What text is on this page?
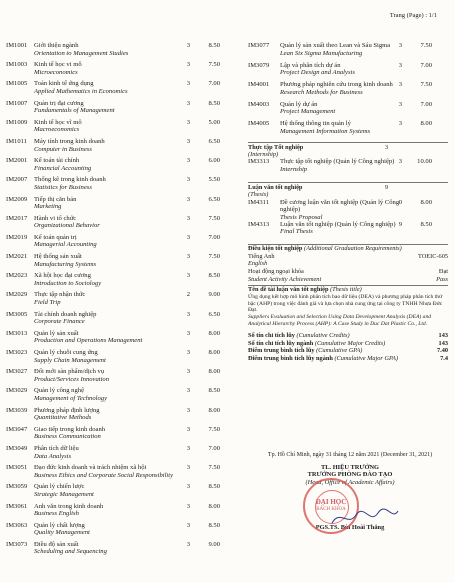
Trang (Page) : 1/1
IM1001 Giới thiệu ngành
Orientation to Management Studies
3	8.50
IM1003 Kinh tế học vi mô
Microeconomics
3	7.50
IM1005 Toán kinh tế ứng dụng
Applied Mathematics in Economics
3	7.00
IM1007 Quản trị đại cương
Fundamentals of Management
3	8.50
IM1009 Kinh tế học vĩ mô
Macroeconomics
3	5.00
IM1011 Máy tính trong kinh doanh
Computer in Business
3	6.50
IM2001 Kế toán tài chính
Financial Accounting
3	6.00
IM2007 Thống kê trong kinh doanh
Statistics for Business
3	5.50
IM2009 Tiếp thị căn bản
Marketing
3	6.50
IM2017 Hành vi tổ chức
Organizational Behavior
3	7.50
IM2019 Kế toán quản trị
Managerial Accounting
3	7.00
IM2021 Hệ thống sản xuất
Manufacturing Systems
3	7.50
IM2023 Xã hội học đại cương
Introduction to Sociology
3	8.50
IM2029 Thực tập nhận thức
Field Trip
2	9.00
IM3005 Tài chính doanh nghiệp
Corporate Finance
3	6.50
IM3013 Quản lý sản xuất
Production and Operations Management
3	8.00
IM3023 Quản lý chuỗi cung ứng
Supply Chain Management
3	8.00
IM3027 Đổi mới sản phẩm/dịch vụ
Product/Services Innovation
3	8.00
IM3029 Quản lý công nghệ
Management of Technology
3	8.50
IM3039 Phương pháp định lượng
Quantitative Methods
3	8.00
IM3047 Giao tiếp trong kinh doanh
Business Communication
3	7.50
IM3049 Phân tích dữ liệu
Data Analysis
3	7.00
IM3051 Đạo đức kinh doanh và trách nhiệm xã hội
Business Ethics and Corporate Social Responsibility
3	7.50
IM3059 Quản lý chiến lược
Strategic Management
3	8.50
IM3061 Anh văn trong kinh doanh
Business English
3	8.00
IM3063 Quản lý chất lượng
Quality Management
3	8.50
IM3073 Điều độ sản xuất
Scheduling and Sequencing
3	9.00
IM3077 Quản lý sản xuất theo Lean và Sáu Sigma
Lean Six Sigma Manufacturing
3	7.50
IM3079 Lập và phân tích dự án
Project Design and Analysis
3	7.00
IM4001 Phương pháp nghiên cứu trong kinh doanh
Research Methods for Business
3	7.50
IM4003 Quản lý dự án
Project Management
3	7.00
IM4005 Hệ thống thông tin quản lý
Management Information Systems
3	8.00
Thực tập Tốt nghiệp
(Internship)
3
IM3313 Thực tập tốt nghiệp (Quản lý Công nghiệp)
Internship
3	10.00
Luận văn tốt nghiệp
(Thesis)
9
IM4311 Đề cương luận văn tốt nghiệp (Quản lý Công nghiệp)
Thesis Proposal
0	8.00
IM4313 Luận văn tốt nghiệp (Quản lý Công nghiệp)
Final Thesis
9	8.50
Điều kiện tốt nghiệp (Additional Graduation Requirements)
Tiếng Anh	TOEIC-605
English
Hoạt động ngoại khóa	Đạt
Student Activity Achievement	Pass
Tên đề tài luận văn tốt nghiệp (Thesis title)
Ứng dụng kết hợp mô hình phân tích bao dữ liệu (DEA) và phương pháp phân tích thứ bậc (AHP) trong việc đánh giá và lựa chọn nhà cung ứng tại công ty TNHH Nhựa Đức Đạt.
Suppliers Evaluation and Selection Using Data Development Analysis (DEA) and Analytical Hierarchy Process (AHP): A Case Study in Duc Dat Plastic Co., Ltd.
Số tín chỉ tích lũy (Cumulative Credits)	143
Số tín chỉ tích lũy ngành (Cumulative Major Credits)	143
Điểm trung bình tích lũy (Cumulative GPA)	7.40
Điểm trung bình tích lũy ngành (Cumulative Major GPA)	7.4
Tp. Hồ Chí Minh, ngày 31 tháng 12 năm 2021 (December 31, 2021)
TL. HIỆU TRƯỞNG
TRƯỞNG PHÒNG ĐÀO TẠO
(Head, Office of Academic Affairs)
PGS.TS. Bùi Hoài Thắng
ĐẠI HỌC
BÁCH KHOA
